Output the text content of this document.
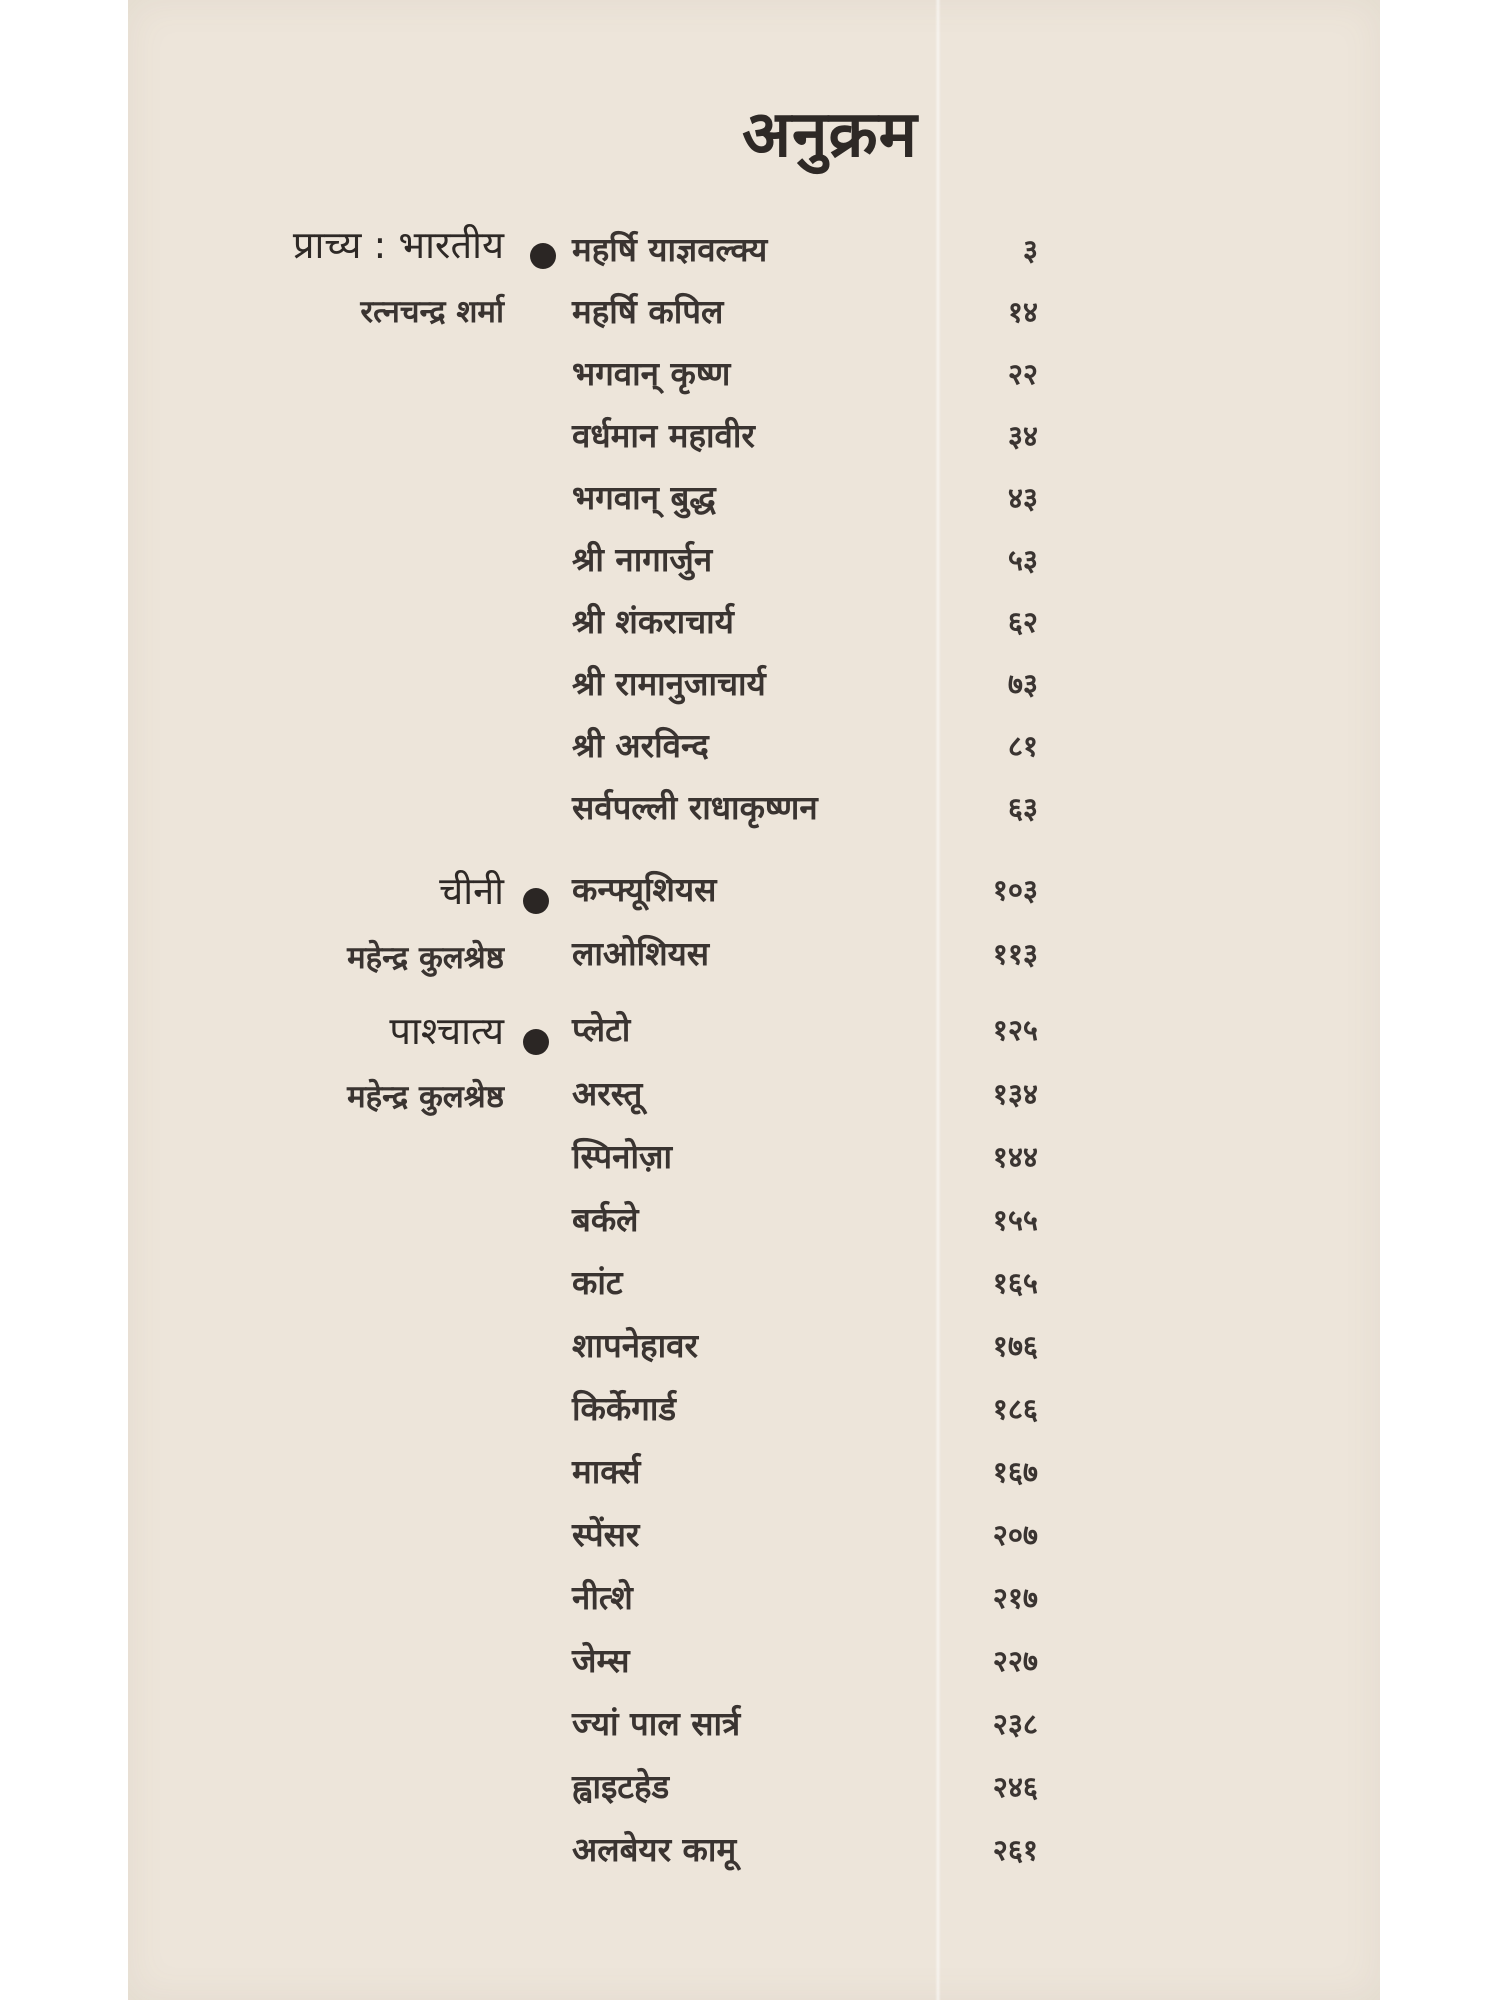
अनुक्रम
प्राच्य : भारतीय
रत्नचन्द्र शर्मा
महर्षि याज्ञवल्क्य	३
महर्षि कपिल	१४
भगवान् कृष्ण	२२
वर्धमान महावीर	३४
भगवान् बुद्ध	४३
श्री नागार्जुन	५३
श्री शंकराचार्य	६२
श्री रामानुजाचार्य	७३
श्री अरविन्द	८१
सर्वपल्ली राधाकृष्णन	६३
चीनी
महेन्द्र कुलश्रेष्ठ
कन्फ्यूशियस	१०३
लाओशियस	११३
पाश्चात्य
महेन्द्र कुलश्रेष्ठ
प्लेटो	१२५
अरस्तू	१३४
स्पिनोज़ा	१४४
बर्कले	१५५
कांट	१६५
शापनेहावर	१७६
किर्केगार्ड	१८६
मार्क्स	१६७
स्पेंसर	२०७
नीत्शे	२१७
जेम्स	२२७
ज्यां पाल सार्त्र	२३८
ह्वाइटहेड	२४६
अलबेयर कामू	२६१
